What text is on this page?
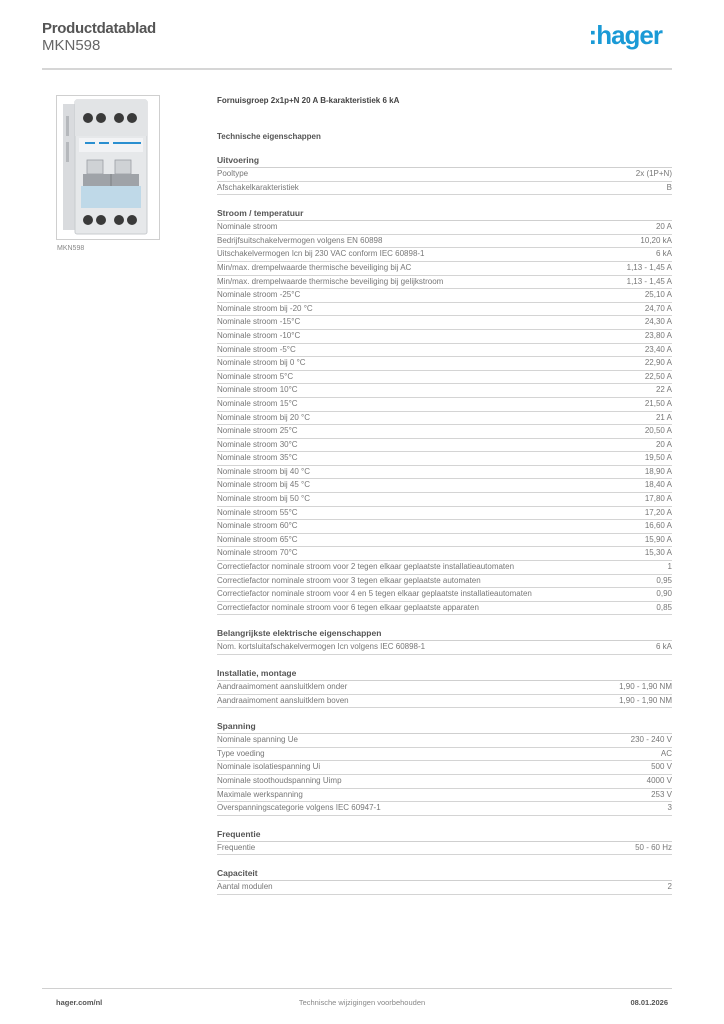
Productdatablad
MKN598	:hager
MKN598
Fornuisgroep 2x1p+N 20 A B-karakteristiek 6 kA
Technische eigenschappen
Uitvoering
Pooltype	2x (1P+N)
Afschakelkarakteristiek	B
Stroom / temperatuur
Nominale stroom	20 A
Bedrijfsuitschakelvermogen volgens EN 60898	10,20 kA
Uitschakelvermogen Icn bij 230 VAC conform IEC 60898-1	6 kA
Min/max. drempelwaarde thermische beveiliging bij AC	1,13 - 1,45 A
Min/max. drempelwaarde thermische beveiliging bij gelijkstroom	1,13 - 1,45 A
Nominale stroom -25°C	25,10 A
Nominale stroom bij -20 °C	24,70 A
Nominale stroom -15°C	24,30 A
Nominale stroom -10°C	23,80 A
Nominale stroom -5°C	23,40 A
Nominale stroom bij 0 °C	22,90 A
Nominale stroom 5°C	22,50 A
Nominale stroom 10°C	22 A
Nominale stroom 15°C	21,50 A
Nominale stroom bij 20 °C	21 A
Nominale stroom 25°C	20,50 A
Nominale stroom 30°C	20 A
Nominale stroom 35°C	19,50 A
Nominale stroom bij 40 °C	18,90 A
Nominale stroom bij 45 °C	18,40 A
Nominale stroom bij 50 °C	17,80 A
Nominale stroom 55°C	17,20 A
Nominale stroom 60°C	16,60 A
Nominale stroom 65°C	15,90 A
Nominale stroom 70°C	15,30 A
Correctiefactor nominale stroom voor 2 tegen elkaar geplaatste installatieautomaten	1
Correctiefactor nominale stroom voor 3 tegen elkaar geplaatste automaten	0,95
Correctiefactor nominale stroom voor 4 en 5 tegen elkaar geplaatste installatieautomaten	0,90
Correctiefactor nominale stroom voor 6 tegen elkaar geplaatste apparaten	0,85
Belangrijkste elektrische eigenschappen
Nom. kortsluitafschakelvermogen Icn volgens IEC 60898-1	6 kA
Installatie, montage
Aandraaimoment aansluitklem onder	1,90 - 1,90 NM
Aandraaimoment aansluitklem boven	1,90 - 1,90 NM
Spanning
Nominale spanning Ue	230 - 240 V
Type voeding	AC
Nominale isolatiespanning Ui	500 V
Nominale stoothoudspanning Uimp	4000 V
Maximale werkspanning	253 V
Overspanningscategorie volgens IEC 60947-1	3
Frequentie
Frequentie	50 - 60 Hz
Capaciteit
Aantal modulen	2
hager.com/nl	Technische wijzigingen voorbehouden	08.01.2026
